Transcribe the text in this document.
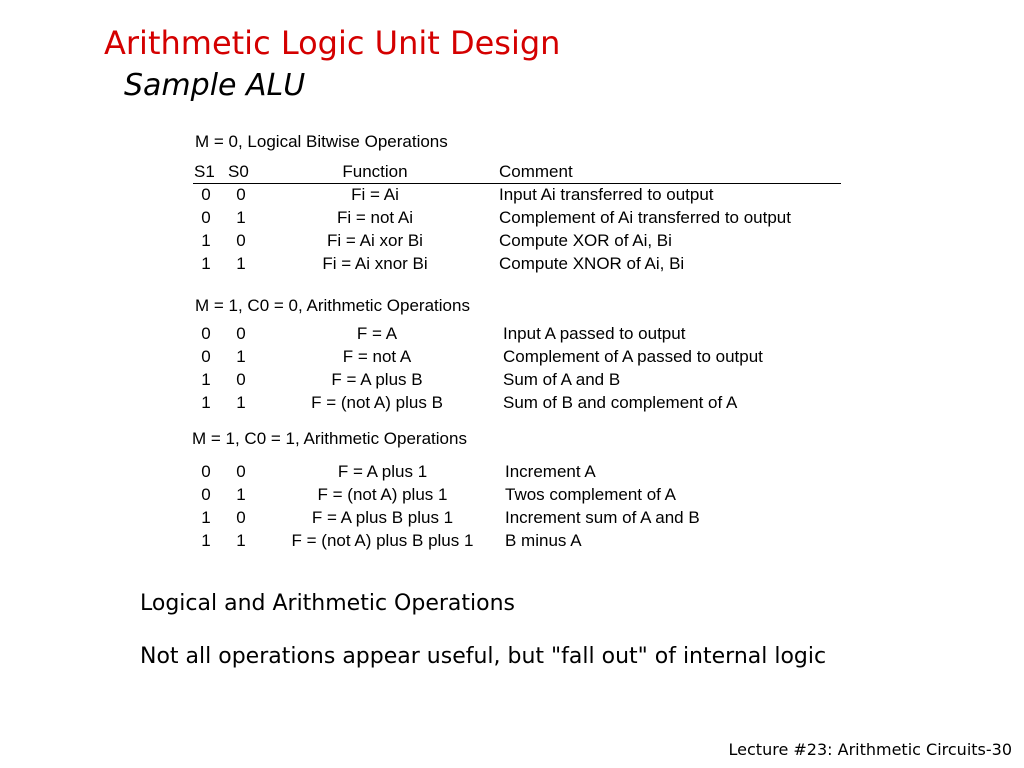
Arithmetic Logic Unit Design
Sample ALU
M = 0, Logical Bitwise Operations
S1 S0	Function	Comment
0 0	Fi = Ai	Input Ai transferred to output
0 1	Fi = not Ai	Complement of Ai transferred to output
1 0	Fi = Ai xor Bi	Compute XOR of Ai, Bi
1 1	Fi = Ai xnor Bi	Compute XNOR of Ai, Bi
M = 1, C0 = 0, Arithmetic Operations
0 0	F = A	Input A passed to output
0 1	F = not A	Complement of A passed to output
1 0	F = A plus B	Sum of A and B
1 1	F = (not A) plus B	Sum of B and complement of A
M = 1, C0 = 1, Arithmetic Operations
0 0	F = A plus 1	Increment A
0 1	F = (not A) plus 1	Twos complement of A
1 0	F = A plus B plus 1	Increment sum of A and B
1 1	F = (not A) plus B plus 1	B minus A
Logical and Arithmetic Operations
Not all operations appear useful, but "fall out" of internal logic
Lecture #23: Arithmetic Circuits-30
